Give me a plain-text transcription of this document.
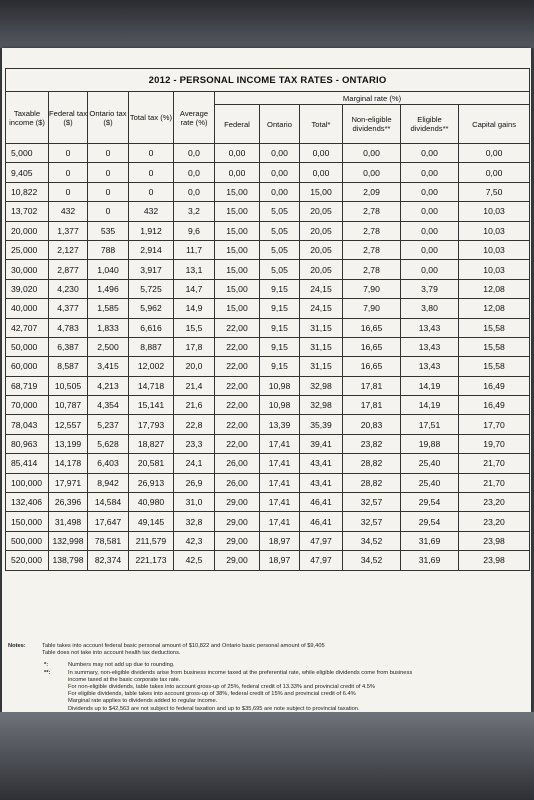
2012 - PERSONAL INCOME TAX RATES - ONTARIO										
Taxable income ($)	Federal tax ($)	Ontario tax ($)	Total tax (%)	Average rate (%)	Marginal rate (%)					
					Federal	Ontario	Total*	Non-eligible dividends**	Eligible dividends**	Capital gains
5,000	0	0	0	0,0	0,00	0,00	0,00	0,00	0,00	0,00
9,405	0	0	0	0,0	0,00	0,00	0,00	0,00	0,00	0,00
10,822	0	0	0	0,0	15,00	0,00	15,00	2,09	0,00	7,50
13,702	432	0	432	3,2	15,00	5,05	20,05	2,78	0,00	10,03
20,000	1,377	535	1,912	9,6	15,00	5,05	20,05	2,78	0,00	10,03
25,000	2,127	788	2,914	11,7	15,00	5,05	20,05	2,78	0,00	10,03
30,000	2,877	1,040	3,917	13,1	15,00	5,05	20,05	2,78	0,00	10,03
39,020	4,230	1,496	5,725	14,7	15,00	9,15	24,15	7,90	3,79	12,08
40,000	4,377	1,585	5,962	14,9	15,00	9,15	24,15	7,90	3,80	12,08
42,707	4,783	1,833	6,616	15,5	22,00	9,15	31,15	16,65	13,43	15,58
50,000	6,387	2,500	8,887	17,8	22,00	9,15	31,15	16,65	13,43	15,58
60,000	8,587	3,415	12,002	20,0	22,00	9,15	31,15	16,65	13,43	15,58
68,719	10,505	4,213	14,718	21,4	22,00	10,98	32,98	17,81	14,19	16,49
70,000	10,787	4,354	15,141	21,6	22,00	10,98	32,98	17,81	14,19	16,49
78,043	12,557	5,237	17,793	22,8	22,00	13,39	35,39	20,83	17,51	17,70
80,963	13,199	5,628	18,827	23,3	22,00	17,41	39,41	23,82	19,88	19,70
85,414	14,178	6,403	20,581	24,1	26,00	17,41	43,41	28,82	25,40	21,70
100,000	17,971	8,942	26,913	26,9	26,00	17,41	43,41	28,82	25,40	21,70
132,406	26,396	14,584	40,980	31,0	29,00	17,41	46,41	32,57	29,54	23,20
150,000	31,498	17,647	49,145	32,8	29,00	17,41	46,41	32,57	29,54	23,20
500,000	132,998	78,581	211,579	42,3	29,00	18,97	47,97	34,52	31,69	23,98
520,000	138,798	82,374	221,173	42,5	29,00	18,97	47,97	34,52	31,69	23,98
Notes:	Table takes into account federal basic personal amount of $10,822 and Ontario basic personal amount of $9,405
Table does not take into account health tax deductions.
*:	Numbers may not add up due to rounding.
**:	In summary, non-eligible dividends arise from business income taxed at the preferential rate, while eligible dividends come from business
income taxed at the basic corporate tax rate.
For non-eligible dividends, table takes into account gross-up of 25%, federal credit of 13.33% and provincial credit of 4.5%
For eligible dividends, table takes into account gross-up of 38%, federal credit of 15% and provincial credit of 6.4%
Marginal rate applies to dividends added to regular income.
Dividends up to $42,563 are not subject to federal taxation and up to $35,695 are note subject to provincial taxation.
